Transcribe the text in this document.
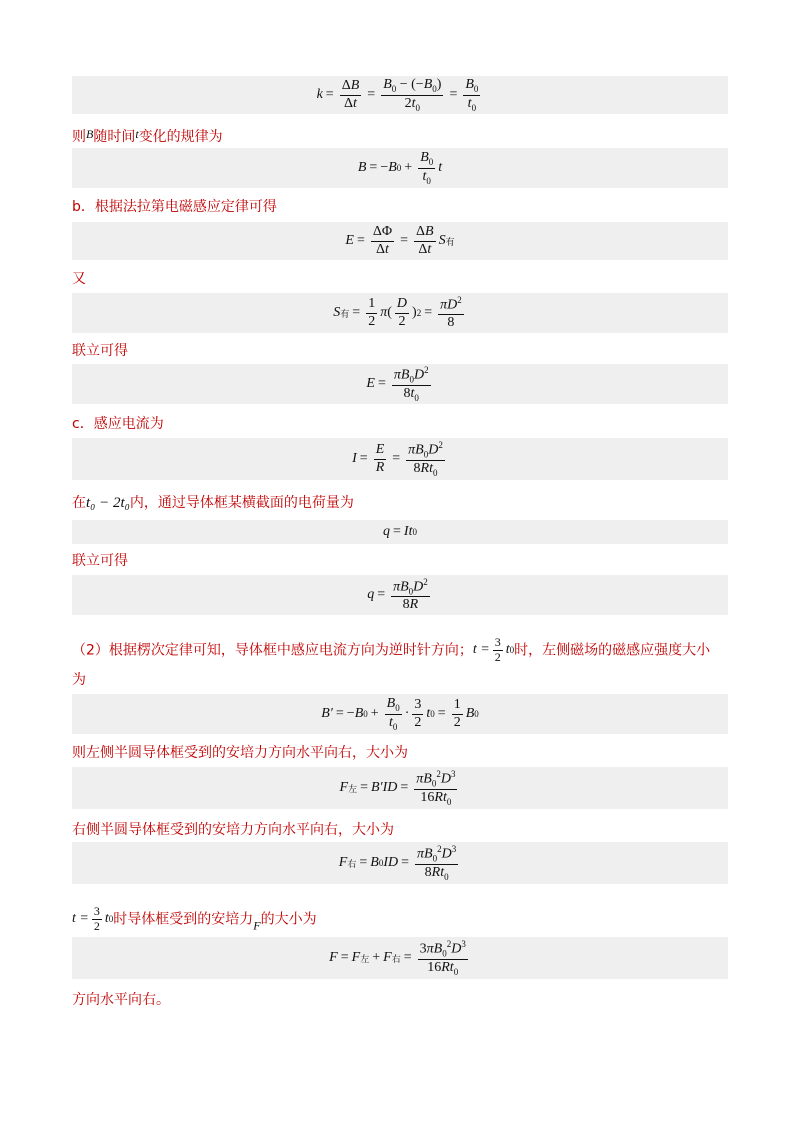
$k = \frac{\Delta B}{\Delta t} = \frac{B_0 - (-B_0)}{2t_0} = \frac{B_0}{t_0}$
则B随时间t变化的规律为
B = − B $0 + \frac{B_0}{t_0}$ t
b．根据法拉第电磁感应定律可得
$E = \frac{\Delta\Phi}{\Delta t} = \frac{\Delta B}{\Delta t}$ S 有
又
S 有 = $\frac{1}{2}$ π ( $\frac{D}{2}$ ) $2 = \frac{\pi D^2}{8}$
联立可得
$E = \frac{\pi B_0D^2}{8t_0}$
c．感应电流为
$I = \frac{E}{R} = \frac{\pi B_0D^2}{8Rt_0}$
在t₀ − 2t₀内，通过导体框某横截面的电荷量为
q = It 0
联立可得
$q = \frac{\pi B_0D^2}{8R}$
（2）根据楞次定律可知，导体框中感应电流方向为逆时针方向；$t = \frac{3}{2}$ t 0 时，左侧磁场的磁感应强度大小
为
B′ = − B $0 + \frac{B_0}{t_0} \cdot \frac{3}{2}$ t $0 = \frac{1}{2}$ B 0
则左侧半圆导体框受到的安培力方向水平向右，大小为
F 左 = $B'ID = \frac{\pi B_0^2D^3}{16Rt_0}$
右侧半圆导体框受到的安培力方向水平向右，大小为
F 右 = B 0 ID = $\frac{\pi B_0^2D^3}{8Rt_0}$
$t = \frac{3}{2}$ t 0 时导体框受到的安培力F的大小为
F = F 左 + F 右 = $\frac{3\pi B_0^2D^3}{16Rt_0}$
方向水平向右。
